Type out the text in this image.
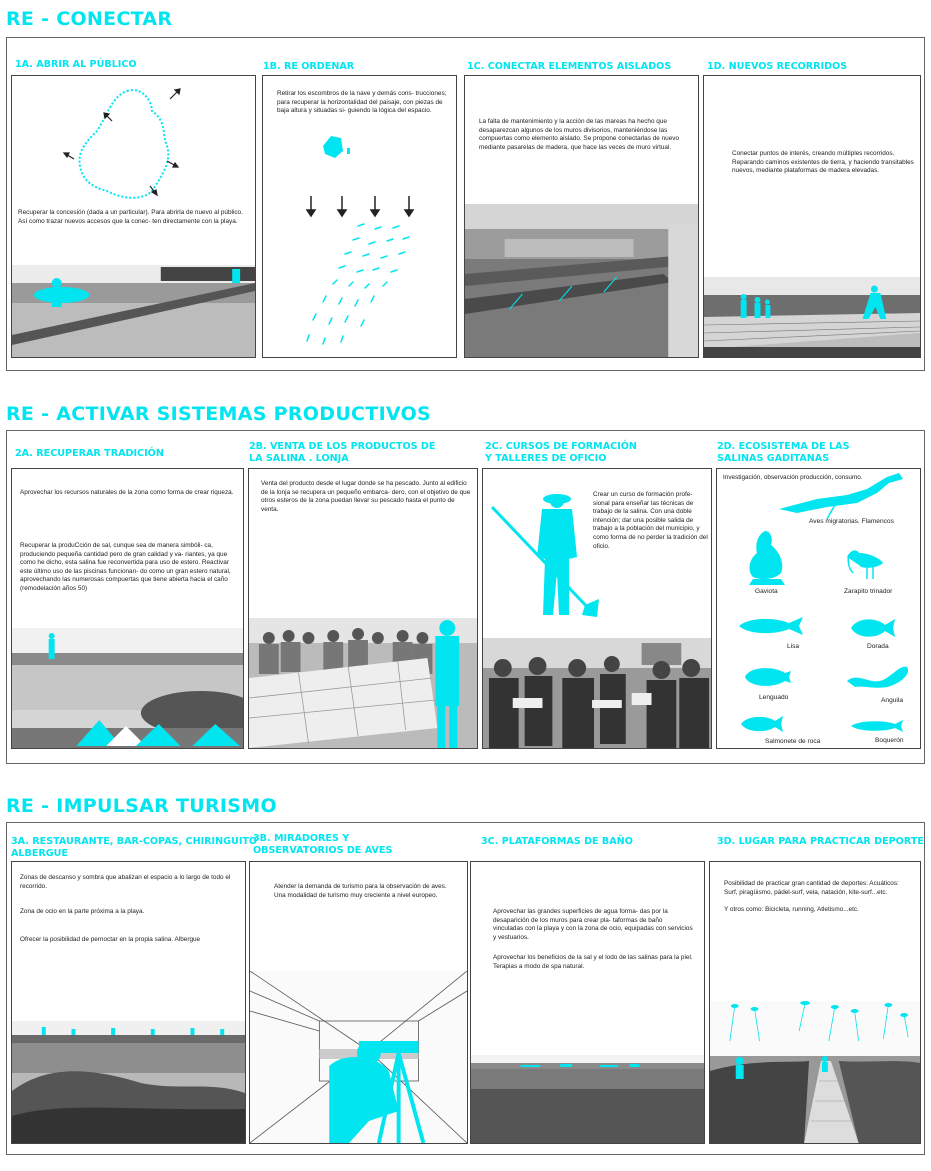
RE - CONECTAR
1A. ABRIR AL PÚBLICO	1B. RE ORDENAR	1C. CONECTAR ELEMENTOS AISLADOS	1D. NUEVOS RECORRIDOS

Recuperar la concesión (dada a un particular). Para abrirla de nuevo al público. Así como trazar nuevos accesos que la conec- ten directamente con la playa.

Retirar los escombros de la nave y demás cons- trucciones; para recuperar la horizontalidad del paisaje, con piezas de baja altura y situadas si- guiendo la lógica del espacio.

La falta de mantenimiento y la acción de las mareas ha hecho que desaparezcan algunos de los muros divisorios, manteniéndose las compuertas como elemento aislado. Se propone conectarlas de nuevo mediante pasarelas de madera, que hace las veces de muro virtual.

Conectar puntos de interés, creando múltiples recorridos. Reparando caminos existentes de tierra, y haciendo transitables nuevos, mediante plataformas de madera elevadas.

RE - ACTIVAR SISTEMAS PRODUCTIVOS
2A. RECUPERAR TRADICIÓN
2B. VENTA DE LOS PRODUCTOS DE
LA SALINA . LONJA
2C. CURSOS DE FORMACIÓN
Y TALLERES DE OFICIO
2D. ECOSISTEMA DE LAS
SALINAS GADITANAS

Aprovechar los recursos naturales de la zona como forma de crear riqueza.

Recuperar la produCción de sal, cunque sea de manera simbóli- ca, produciendo pequeña cantidad pero de gran calidad y va- riantes, ya que como he dicho, esta salina fue reconvertida para uso de estero. Reactivar este último uso de las piscinas funcionan- do como un gran estero natural, aprovechando las numerosas compuertas que tiene abierta hacia el caño (remodelación años 50)

Venta del producto desde el lugar donde se ha pescado. Junto al edificio de la lonja se recupera un pequeño embarca- dero, con el objetivo de que otros esteros de la zona puedan llevar su pescado hasta el punto de venta.

Crear un curso de formación profe- sional para enseñar las técnicas de trabajo de la salina. Con una doble intención; dar una posible salida de trabajo a la población del municipio, y como forma de no perder la tradición del oficio.

Investigación, observación producción, consumo.

Aves migratorias. Flamencos
Gaviota	Zarapito trinador
Lisa	Dorada
Lenguado	Anguila
Salmonete de roca	Boquerón
RE - IMPULSAR TURISMO
3A. RESTAURANTE, BAR-COPAS, CHIRINGUITO
ALBERGUE
3B. MIRADORES Y
OBSERVATORIOS DE AVES
3C. PLATAFORMAS DE BAÑO	3D. LUGAR PARA PRACTICAR DEPORTE

Zonas de descanso y sombra que abalizan el espacio a lo largo de todo el recorrido.

Zona de ocio en la parte próxima a la playa.

Ofrecer la posibilidad de pernoctar en la propia salina. Albergue

Atender la demanda de turismo para la observación de aves. Una modalidad de turismo muy creciente a nivel europeo.

Aprovechar las grandes superficies de agua forma- das por la desaparición de los muros para crear pla- taformas de baño vinculadas con la playa y con la zona de ocio, equipadas con servicios y vestuarios.

Aprovechar los beneficios de la sal y el lodo de las salinas para la piel. Terapias a modo de spa natural.

Posibilidad de practicar gran cantidad de deportes: Acuáticos: Surf, piragüismo, pádel-surf, vela, natación, kite-surf...etc.

Y otros como: Bicicleta, running, Atletismo...etc.
